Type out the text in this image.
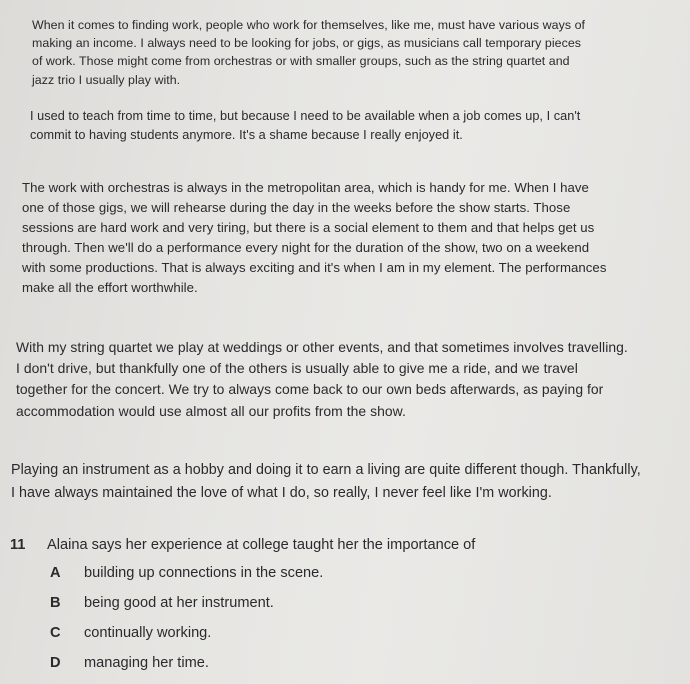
When it comes to finding work, people who work for themselves, like me, must have various ways of making an income. I always need to be looking for jobs, or gigs, as musicians call temporary pieces of work. Those might come from orchestras or with smaller groups, such as the string quartet and jazz trio I usually play with.

I used to teach from time to time, but because I need to be available when a job comes up, I can't commit to having students anymore. It's a shame because I really enjoyed it.

The work with orchestras is always in the metropolitan area, which is handy for me. When I have one of those gigs, we will rehearse during the day in the weeks before the show starts. Those sessions are hard work and very tiring, but there is a social element to them and that helps get us through. Then we'll do a performance every night for the duration of the show, two on a weekend with some productions. That is always exciting and it's when I am in my element. The performances make all the effort worthwhile.

With my string quartet we play at weddings or other events, and that sometimes involves travelling. I don't drive, but thankfully one of the others is usually able to give me a ride, and we travel together for the concert. We try to always come back to our own beds afterwards, as paying for accommodation would use almost all our profits from the show.

Playing an instrument as a hobby and doing it to earn a living are quite different though. Thankfully, I have always maintained the love of what I do, so really, I never feel like I'm working.

11 Alaina says her experience at college taught her the importance of
A building up connections in the scene.
B being good at her instrument.
C continually working.
D managing her time.
